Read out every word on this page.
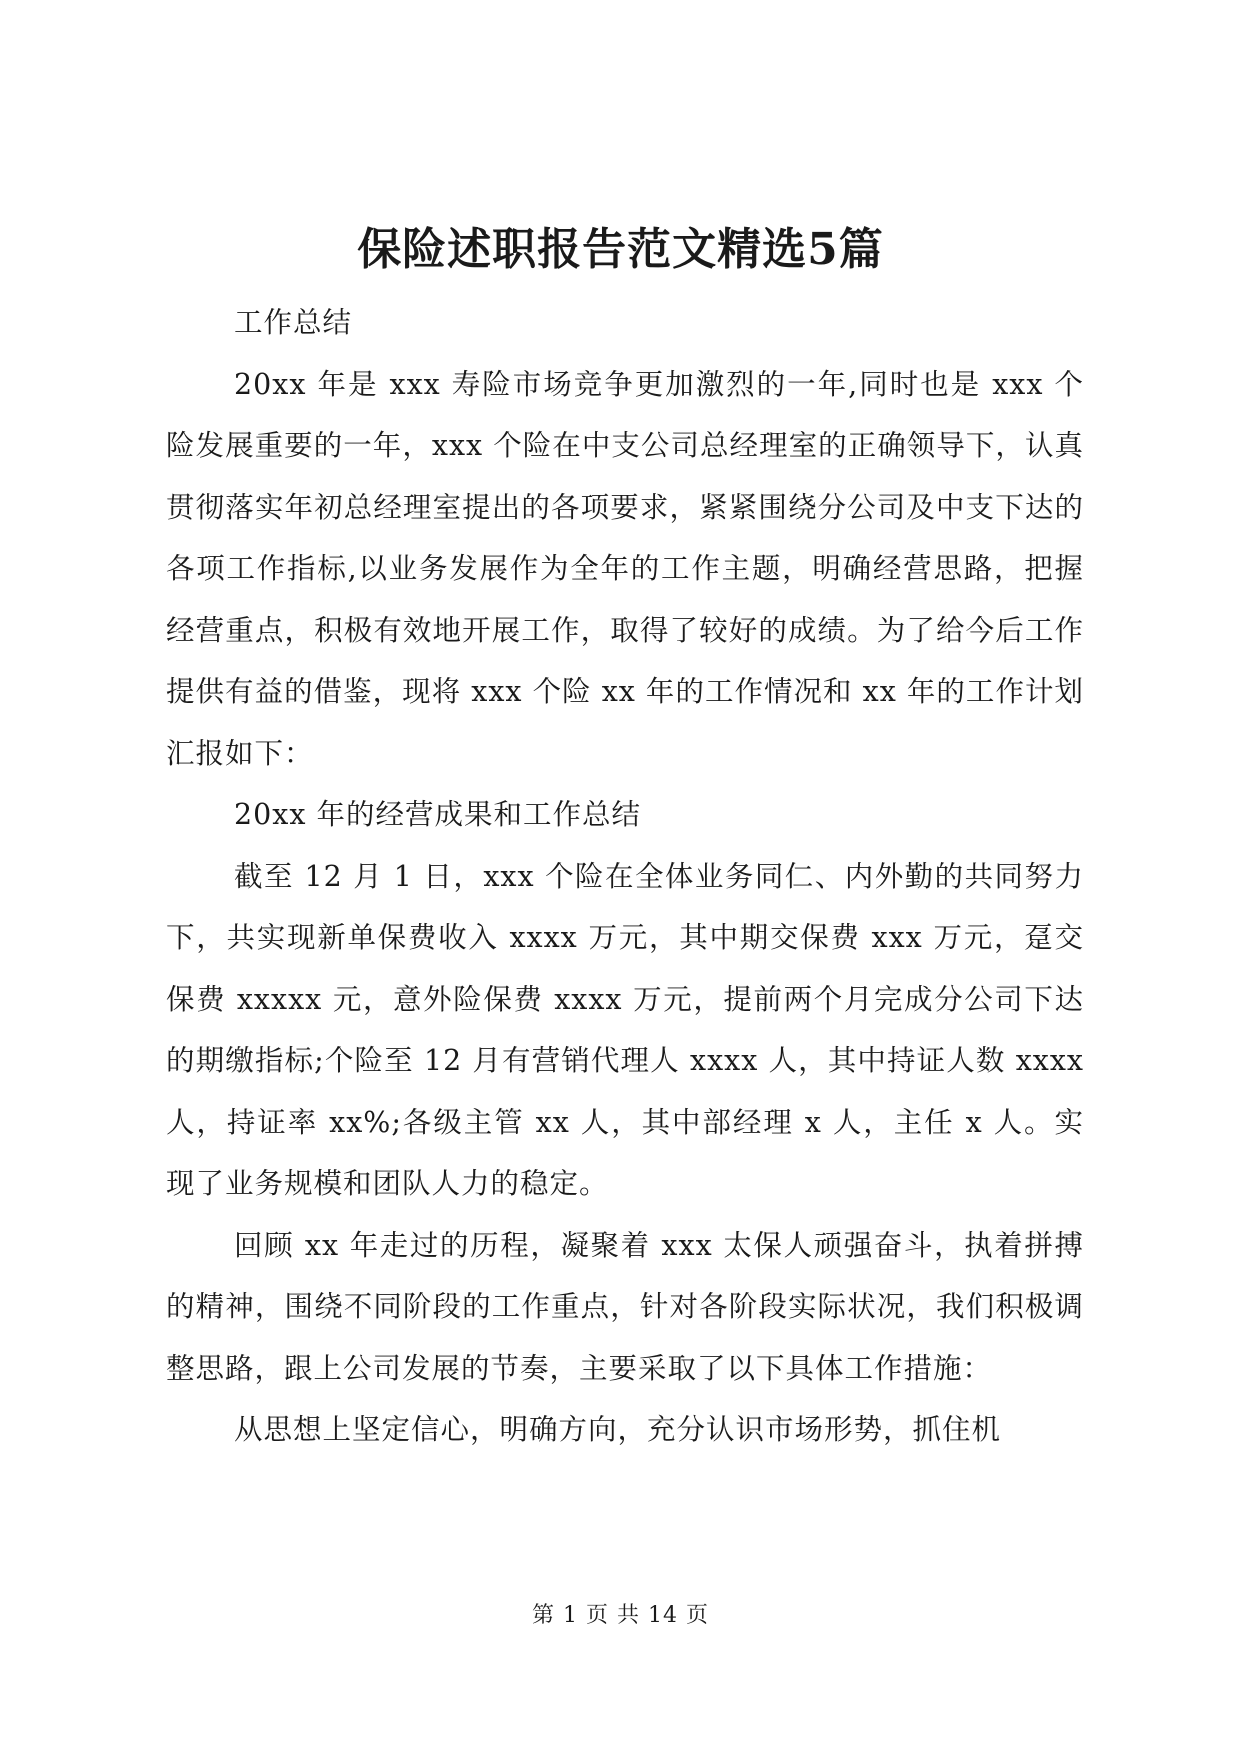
保险述职报告范文精选5篇

工作总结

20xx 年是 xxx 寿险市场竞争更加激烈的一年,同时也是 xxx 个险发展重要的一年，xxx 个险在中支公司总经理室的正确领导下，认真贯彻落实年初总经理室提出的各项要求，紧紧围绕分公司及中支下达的各项工作指标,以业务发展作为全年的工作主题，明确经营思路，把握经营重点，积极有效地开展工作，取得了较好的成绩。为了给今后工作提供有益的借鉴，现将 xxx 个险 xx 年的工作情况和 xx 年的工作计划汇报如下：

20xx 年的经营成果和工作总结

截至 12 月 1 日，xxx 个险在全体业务同仁、内外勤的共同努力下，共实现新单保费收入 xxxx 万元，其中期交保费 xxx 万元，趸交保费 xxxxx 元，意外险保费 xxxx 万元，提前两个月完成分公司下达的期缴指标;个险至 12 月有营销代理人 xxxx 人，其中持证人数 xxxx 人，持证率 xx%;各级主管 xx 人，其中部经理 x 人，主任 x 人。实现了业务规模和团队人力的稳定。

回顾 xx 年走过的历程，凝聚着 xxx 太保人顽强奋斗，执着拼搏的精神，围绕不同阶段的工作重点，针对各阶段实际状况，我们积极调整思路，跟上公司发展的节奏，主要采取了以下具体工作措施：

从思想上坚定信心，明确方向，充分认识市场形势，抓住机

第 1 页 共 14 页
